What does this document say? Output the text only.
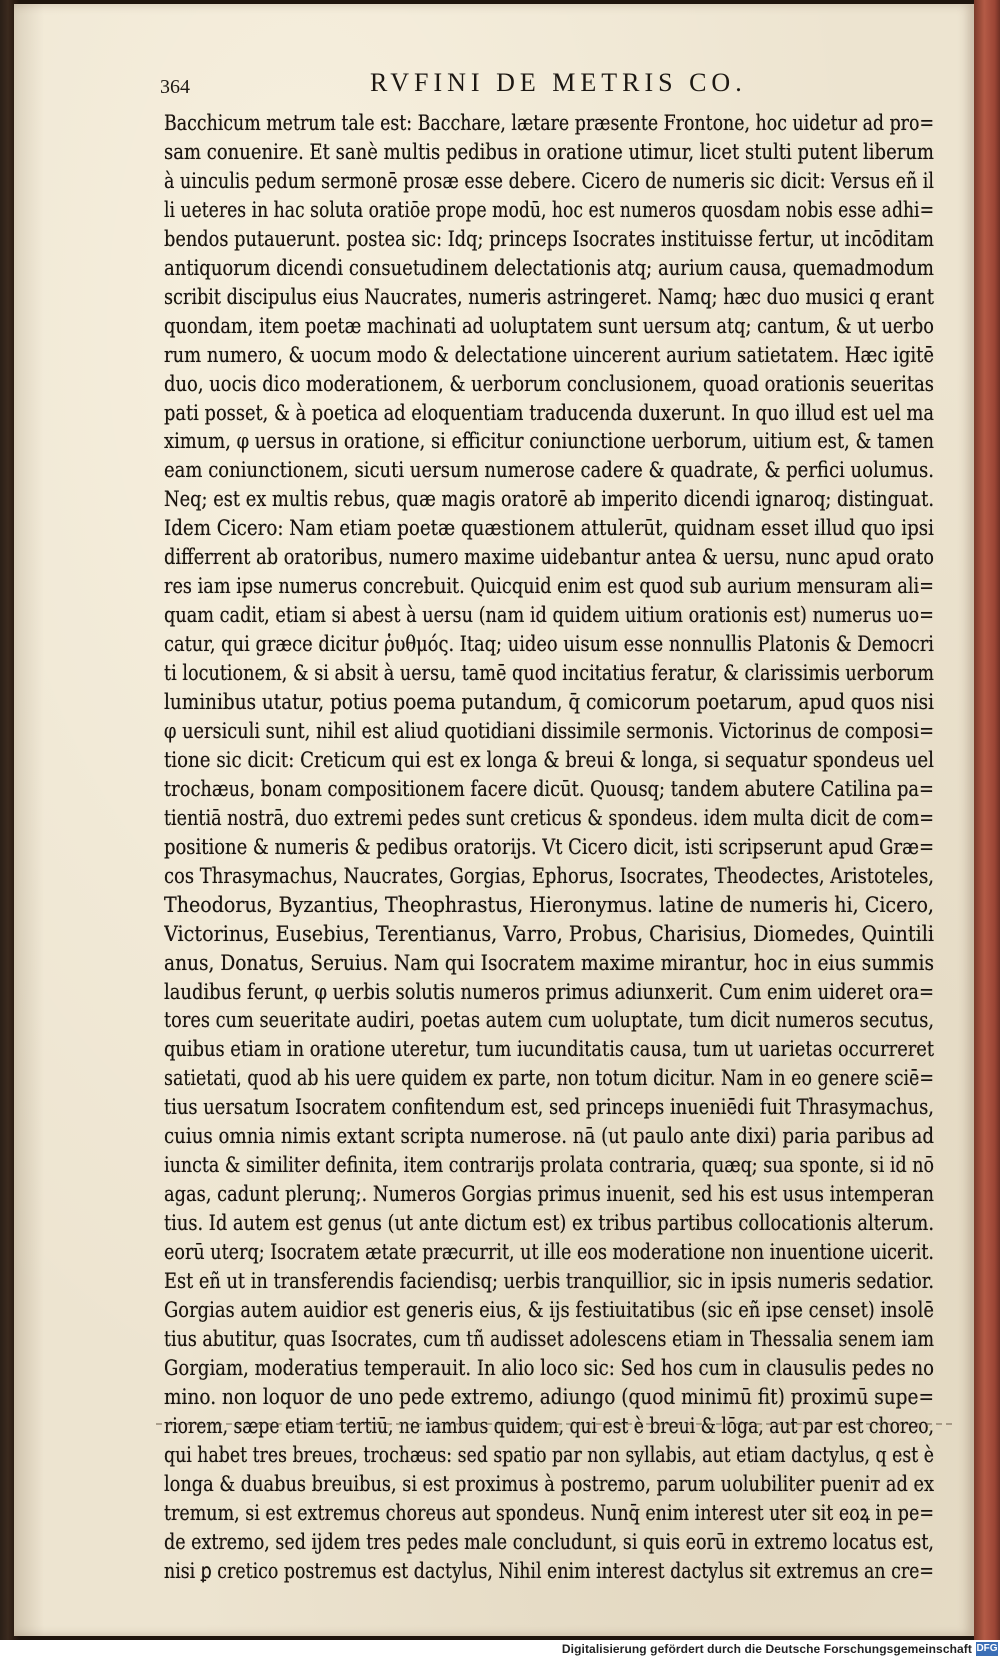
364	RVFINI DE METRIS CO.
Bacchicum metrum tale est: Bacchare, lætare præsente Frontone, hoc uidetur ad pro=
sam conuenire. Et sanè multis pedibus in oratione utimur, licet stulti putent liberum
à uinculis pedum sermonē prosæ esse debere. Cicero de numeris sic dicit: Versus eñ il
li ueteres in hac soluta oratiōe prope modū, hoc est numeros quosdam nobis esse adhi=
bendos putauerunt. postea sic: Idq; princeps Isocrates instituisse fertur, ut incōditam
antiquorum dicendi consuetudinem delectationis atq; aurium causa, quemadmodum
scribit discipulus eius Naucrates, numeris astringeret. Namq; hæc duo musici q erant
quondam, item poetæ machinati ad uoluptatem sunt uersum atq; cantum, & ut uerbo
rum numero, & uocum modo & delectatione uincerent aurium satietatem. Hæc igitē
duo, uocis dico moderationem, & uerborum conclusionem, quoad orationis seueritas
pati posset, & à poetica ad eloquentiam traducenda duxerunt. In quo illud est uel ma
ximum, φ uersus in oratione, si efficitur coniunctione uerborum, uitium est, & tamen
eam coniunctionem, sicuti uersum numerose cadere & quadrate, & perfici uolumus.
Neq; est ex multis rebus, quæ magis oratorē ab imperito dicendi ignaroq; distinguat.
Idem Cicero: Nam etiam poetæ quæstionem attulerūt, quidnam esset illud quo ipsi
differrent ab oratoribus, numero maxime uidebantur antea & uersu, nunc apud orato
res iam ipse numerus concrebuit. Quicquid enim est quod sub aurium mensuram ali=
quam cadit, etiam si abest à uersu (nam id quidem uitium orationis est) numerus uo=
catur, qui græce dicitur ῥυθμός. Itaq; uideo uisum esse nonnullis Platonis & Democri
ti locutionem, & si absit à uersu, tamē quod incitatius feratur, & clarissimis uerborum
luminibus utatur, potius poema putandum, q̄ comicorum poetarum, apud quos nisi
φ uersiculi sunt, nihil est aliud quotidiani dissimile sermonis. Victorinus de composi=
tione sic dicit: Creticum qui est ex longa & breui & longa, si sequatur spondeus uel
trochæus, bonam compositionem facere dicūt. Quousq; tandem abutere Catilina pa=
tientiā nostrā, duo extremi pedes sunt creticus & spondeus. idem multa dicit de com=
positione & numeris & pedibus oratorijs. Vt Cicero dicit, isti scripserunt apud Græ=
cos Thrasymachus, Naucrates, Gorgias, Ephorus, Isocrates, Theodectes, Aristoteles,
Theodorus, Byzantius, Theophrastus, Hieronymus. latine de numeris hi, Cicero,
Victorinus, Eusebius, Terentianus, Varro, Probus, Charisius, Diomedes, Quintili
anus, Donatus, Seruius. Nam qui Isocratem maxime mirantur, hoc in eius summis
laudibus ferunt, φ uerbis solutis numeros primus adiunxerit. Cum enim uideret ora=
tores cum seueritate audiri, poetas autem cum uoluptate, tum dicit numeros secutus,
quibus etiam in oratione uteretur, tum iucunditatis causa, tum ut uarietas occurreret
satietati, quod ab his uere quidem ex parte, non totum dicitur. Nam in eo genere sciē=
tius uersatum Isocratem confitendum est, sed princeps inueniēdi fuit Thrasymachus,
cuius omnia nimis extant scripta numerose. nā (ut paulo ante dixi) paria paribus ad
iuncta & similiter definita, item contrarijs prolata contraria, quæq; sua sponte, si id nō
agas, cadunt plerunq;. Numeros Gorgias primus inuenit, sed his est usus intemperan
tius. Id autem est genus (ut ante dictum est) ex tribus partibus collocationis alterum.
eorū uterq; Isocratem ætate præcurrit, ut ille eos moderatione non inuentione uicerit.
Est eñ ut in transferendis faciendisq; uerbis tranquillior, sic in ipsis numeris sedatior.
Gorgias autem auidior est generis eius, & ijs festiuitatibus (sic eñ ipse censet) insolē
tius abutitur, quas Isocrates, cum tñ audisset adolescens etiam in Thessalia senem iam
Gorgiam, moderatius temperauit. In alio loco sic: Sed hos cum in clausulis pedes no
mino. non loquor de uno pede extremo, adiungo (quod minimū fit) proximū supe=
riorem, sæpe etiam tertiū, ne iambus quidem, qui est è breui & lōga, aut par est choreo,
qui habet tres breues, trochæus: sed spatio par non syllabis, aut etiam dactylus, q est è
longa & duabus breuibus, si est proximus à postremo, parum uolubiliter pueniт ad ex
tremum, si est extremus choreus aut spondeus. Nunq̄ enim interest uter sit eoꝝ in pe=
de extremo, sed ijdem tres pedes male concludunt, si quis eorū in extremo locatus est,
nisi ꝑ cretico postremus est dactylus, Nihil enim interest dactylus sit extremus an cre=
Digitalisierung gefördert durch die Deutsche Forschungsgemeinschaft DFG
